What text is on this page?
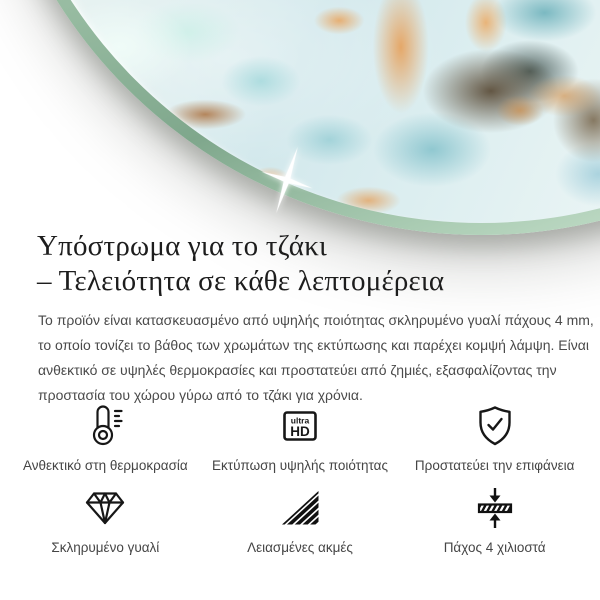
Υπόστρωμα για το τζάκι
– Τελειότητα σε κάθε λεπτομέρεια
Το προϊόν είναι κατασκευασμένο από υψηλής ποιότητας σκληρυμένο γυαλί πάχους 4 mm,
το οποίο τονίζει το βάθος των χρωμάτων της εκτύπωσης και παρέχει κομψή λάμψη. Είναι
ανθεκτικό σε υψηλές θερμοκρασίες και προστατεύει από ζημιές, εξασφαλίζοντας την
προστασία του χώρου γύρω από το τζάκι για χρόνια.
Ανθεκτικό στη θερμοκρασία
ultra
HD
Εκτύπωση υψηλής ποιότητας Προστατεύει την επιφάνεια
Σκληρυμένο γυαλί	Λειασμένες ακμές	Πάχος 4 χιλιοστά
